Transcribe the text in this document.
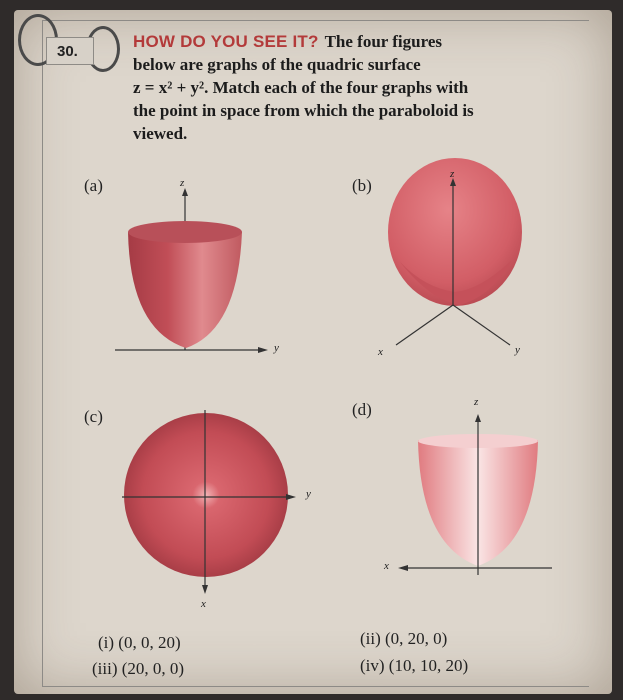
30.
HOW DO YOU SEE IT? The four figures
below are graphs of the quadric surface
z = x² + y². Match each of the four graphs with
the point in space from which the paraboloid is
viewed.
(a)	z
y
(b)
z
x	y
(c)
y
x
(d)	z
x
(i) (0, 0, 20)	(ii) (0, 20, 0)
(iii) (20, 0, 0)	(iv) (10, 10, 20)
